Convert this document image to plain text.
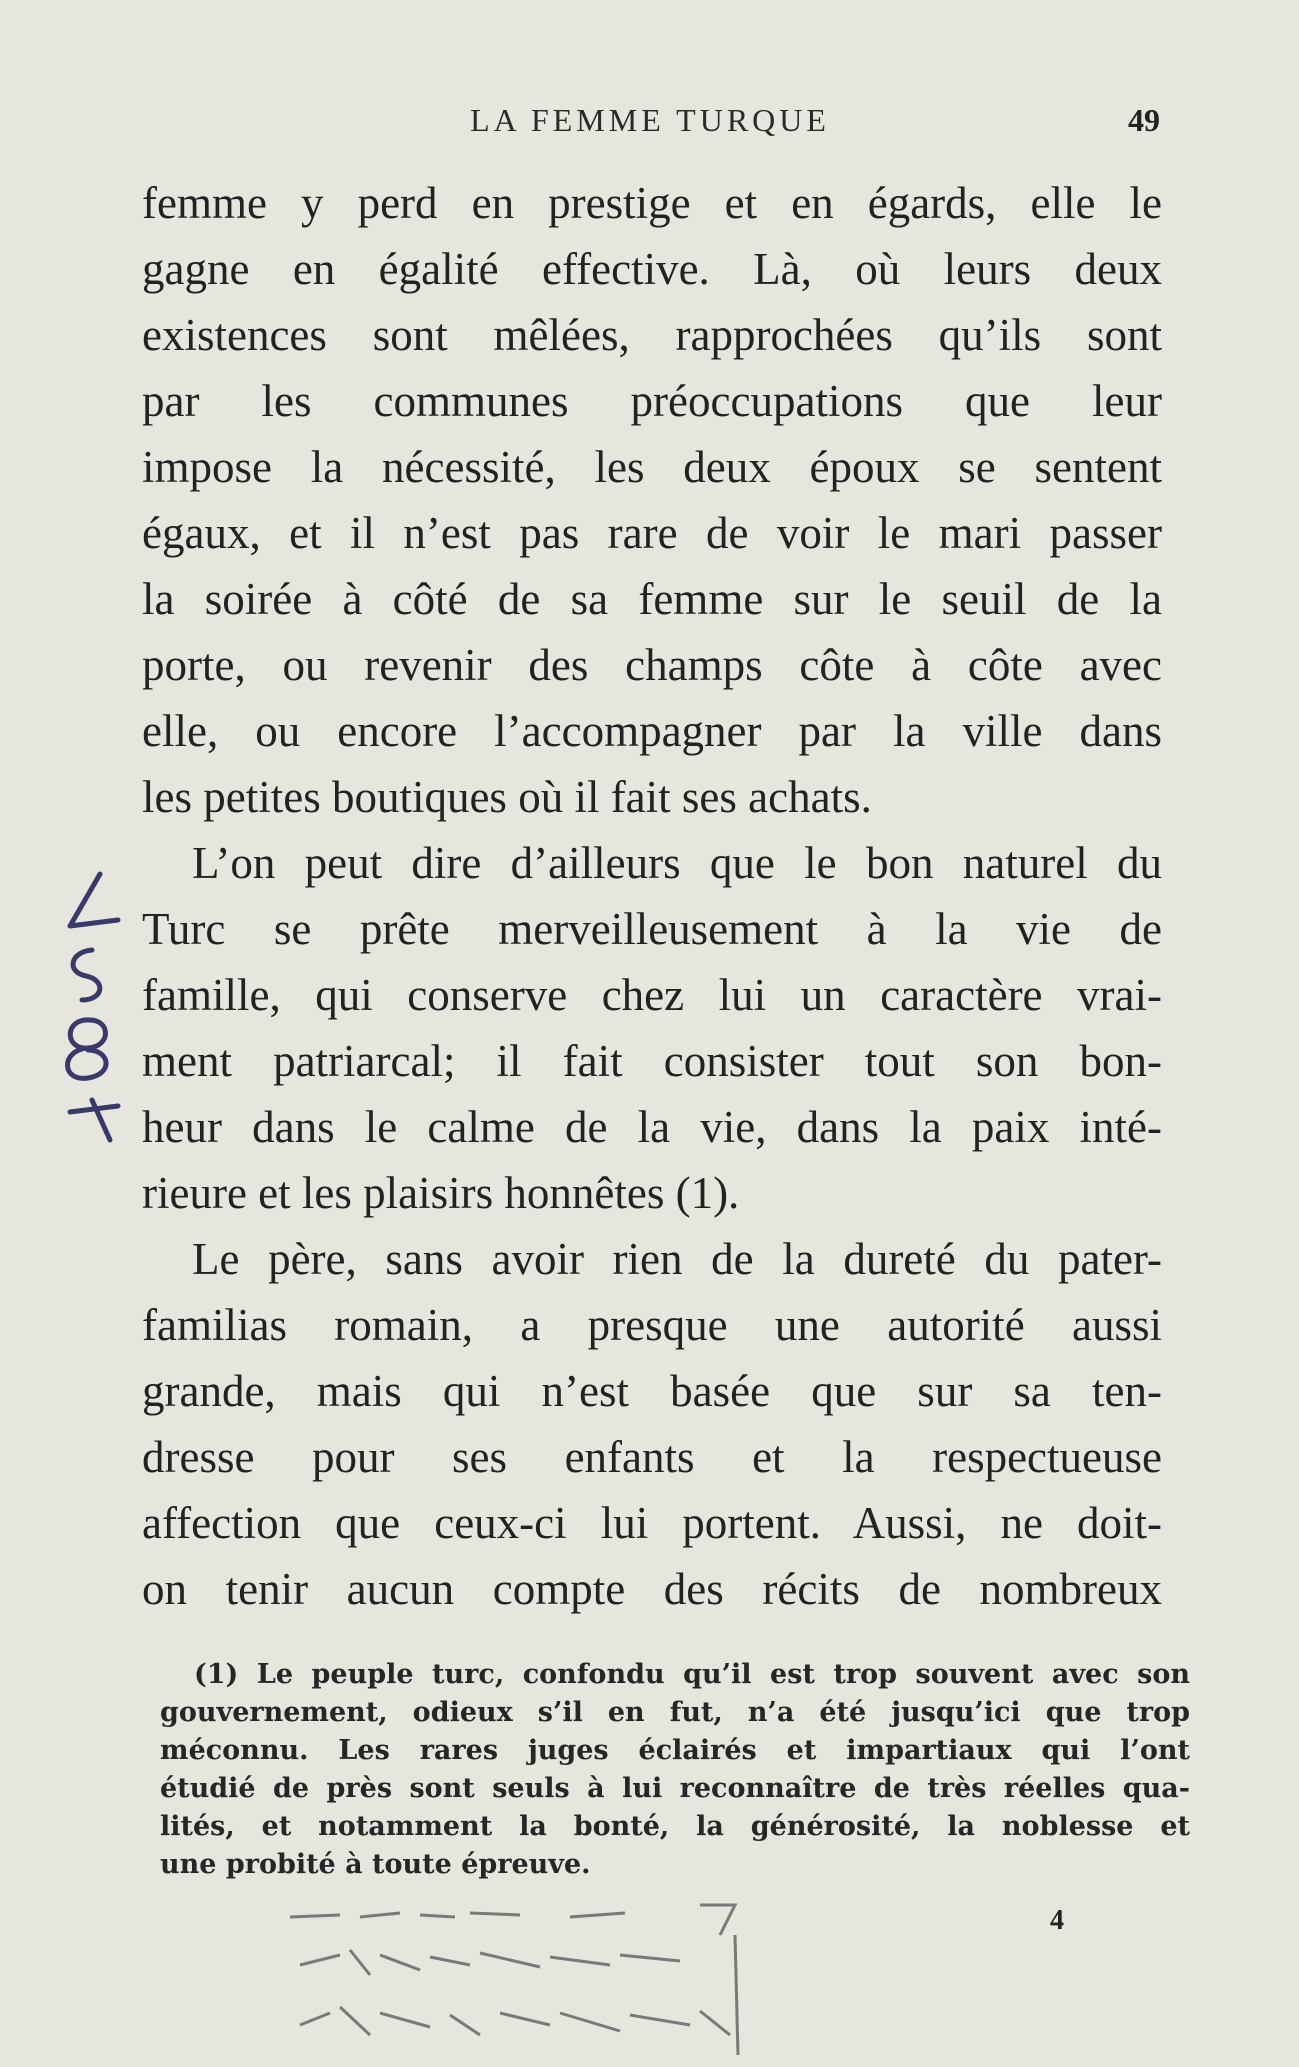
LA FEMME TURQUE	49
femme y perd en prestige et en égards, elle le
gagne en égalité effective. Là, où leurs deux
existences sont mêlées, rapprochées qu’ils sont
par les communes préoccupations que leur
impose la nécessité, les deux époux se sentent
égaux, et il n’est pas rare de voir le mari passer
la soirée à côté de sa femme sur le seuil de la
porte, ou revenir des champs côte à côte avec
elle, ou encore l’accompagner par la ville dans
les petites boutiques où il fait ses achats.
L’on peut dire d’ailleurs que le bon naturel du
Turc se prête merveilleusement à la vie de
famille, qui conserve chez lui un caractère vrai-
ment patriarcal; il fait consister tout son bon-
heur dans le calme de la vie, dans la paix inté-
rieure et les plaisirs honnêtes (1).
Le père, sans avoir rien de la dureté du pater-
familias romain, a presque une autorité aussi
grande, mais qui n’est basée que sur sa ten-
dresse pour ses enfants et la respectueuse
affection que ceux-ci lui portent. Aussi, ne doit-
on tenir aucun compte des récits de nombreux
(1) Le peuple turc, confondu qu’il est trop souvent avec son
gouvernement, odieux s’il en fut, n’a été jusqu’ici que trop
méconnu. Les rares juges éclairés et impartiaux qui l’ont
étudié de près sont seuls à lui reconnaître de très réelles qua-
lités, et notamment la bonté, la générosité, la noblesse et
une probité à toute épreuve.
4
